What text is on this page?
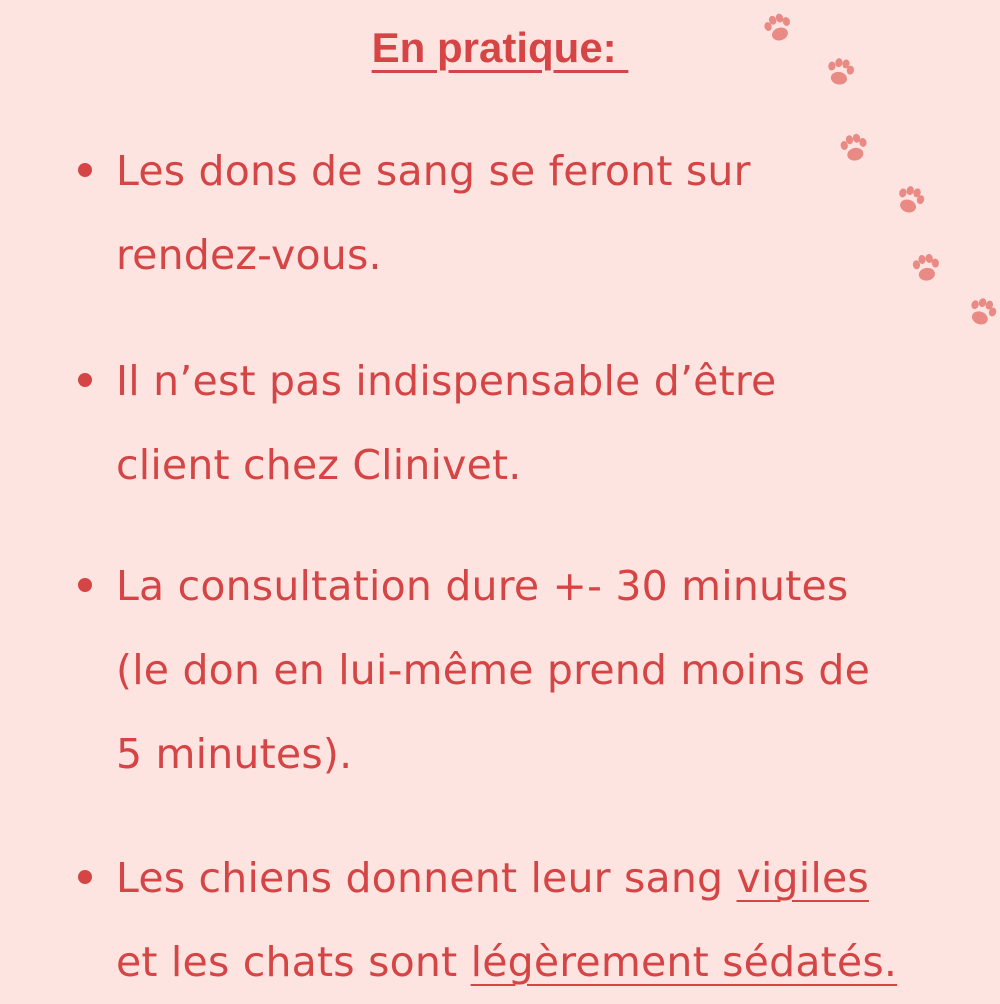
En pratique:
Les dons de sang se feront sur
rendez-vous.
Il n’est pas indispensable d’être
client chez Clinivet.
La consultation dure +- 30 minutes
(le don en lui-même prend moins de
5 minutes).
Les chiens donnent leur sang vigiles
et les chats sont légèrement sédatés.
